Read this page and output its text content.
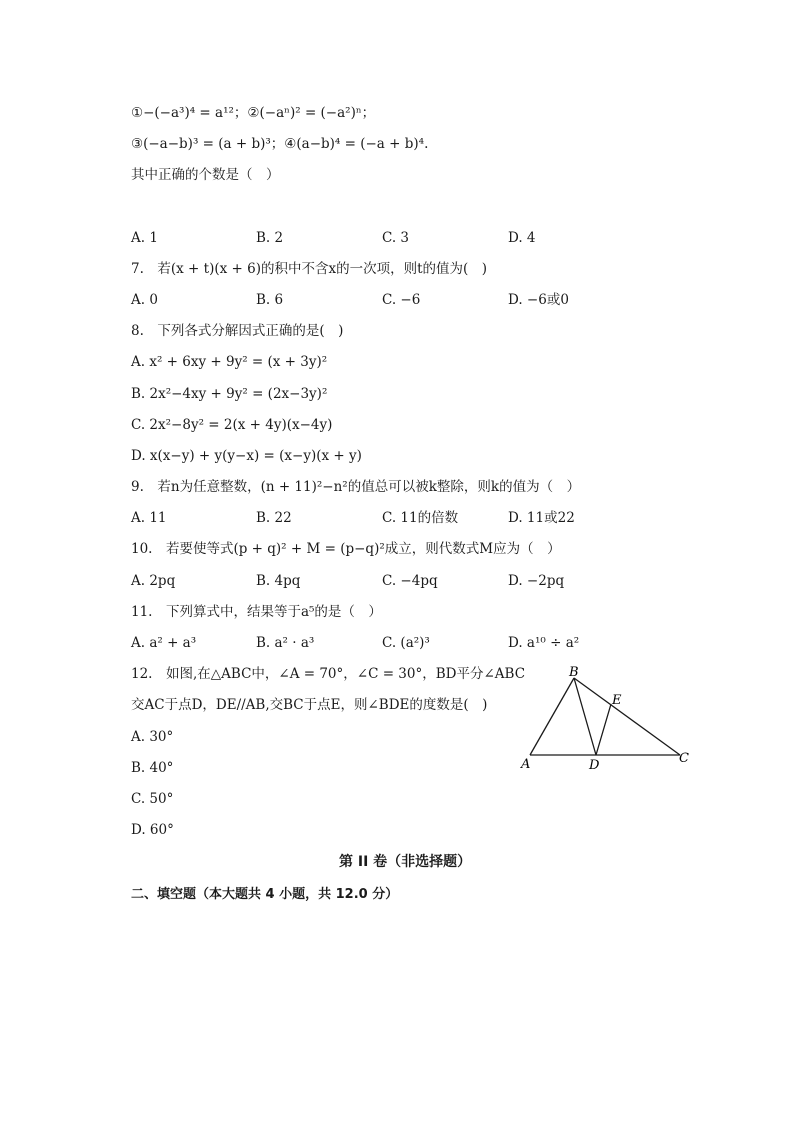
①−(−a³)⁴ = a¹²；②(−aⁿ)² = (−a²)ⁿ；
③(−a−b)³ = (a + b)³；④(a−b)⁴ = (−a + b)⁴.
其中正确的个数是（　）
A. 1	B. 2	C. 3	D. 4
7.　若(x + t)(x + 6)的积中不含x的一次项，则t的值为(　)
A. 0	B. 6	C. −6	D. −6或0
8.　下列各式分解因式正确的是(　)
A. x² + 6xy + 9y² = (x + 3y)²
B. 2x²−4xy + 9y² = (2x−3y)²
C. 2x²−8y² = 2(x + 4y)(x−4y)
D. x(x−y) + y(y−x) = (x−y)(x + y)
9.　若n为任意整数，(n + 11)²−n²的值总可以被k整除，则k的值为（　）
A. 11	B. 22	C. 11的倍数	D. 11或22
10.　若要使等式(p + q)² + M = (p−q)²成立，则代数式M应为（　）
A. 2pq	B. 4pq	C. −4pq	D. −2pq
11.　下列算式中，结果等于a⁵的是（　）
A. a² + a³	B. a² · a³	C. (a²)³	D. a¹⁰ ÷ a²
12.　如图,在△ABC中，∠A = 70°，∠C = 30°，BD平分∠ABC
交AC于点D，DE//AB,交BC于点E，则∠BDE的度数是(　)
A. 30°
B. 40°
C. 50°
D. 60°
B
E
A	D	C
第 II 卷（非选择题）
二、填空题（本大题共 4 小题，共 12.0 分）
